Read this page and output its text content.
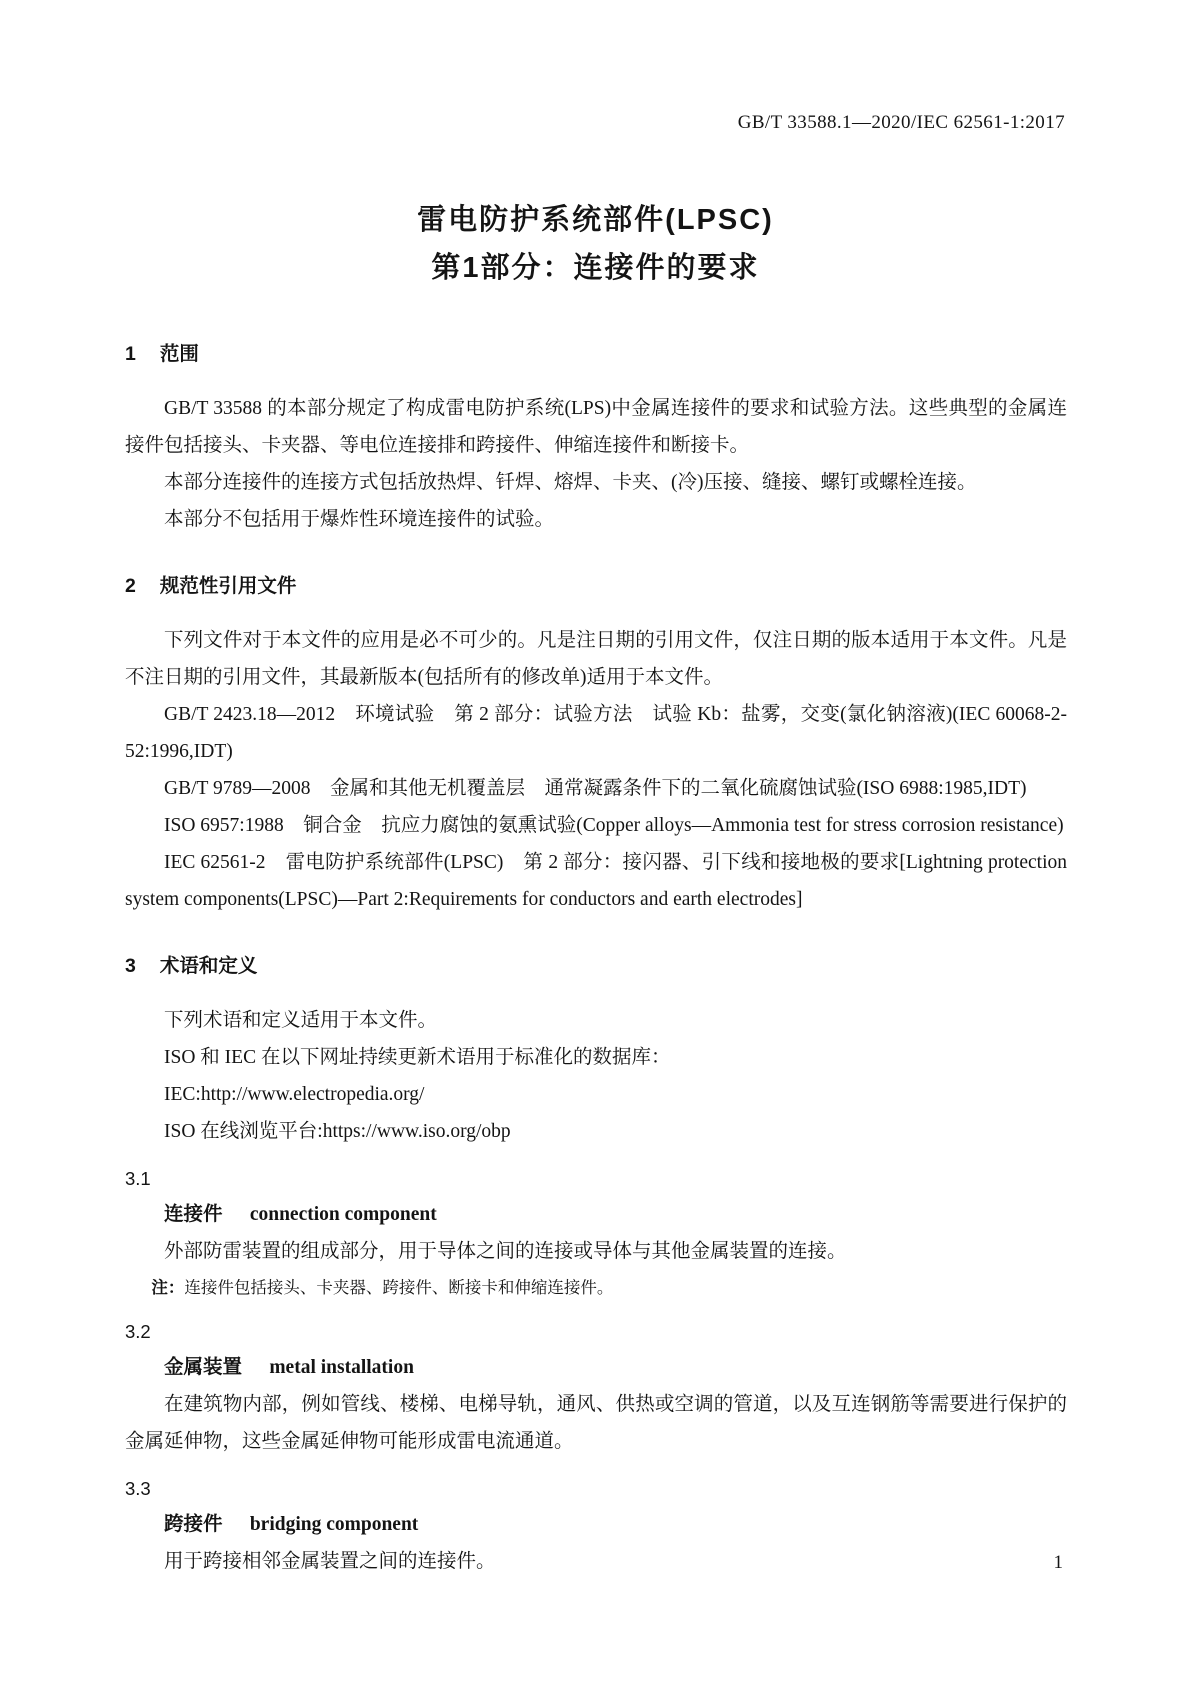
GB/T 33588.1—2020/IEC 62561-1:2017
雷电防护系统部件(LPSC)
第1部分：连接件的要求
1 范围

GB/T 33588 的本部分规定了构成雷电防护系统(LPS)中金属连接件的要求和试验方法。这些典型的金属连接件包括接头、卡夹器、等电位连接排和跨接件、伸缩连接件和断接卡。

本部分连接件的连接方式包括放热焊、钎焊、熔焊、卡夹、(冷)压接、缝接、螺钉或螺栓连接。

本部分不包括用于爆炸性环境连接件的试验。

2 规范性引用文件

下列文件对于本文件的应用是必不可少的。凡是注日期的引用文件，仅注日期的版本适用于本文件。凡是不注日期的引用文件，其最新版本(包括所有的修改单)适用于本文件。

GB/T 2423.18—2012　环境试验　第 2 部分：试验方法　试验 Kb：盐雾，交变(氯化钠溶液)(IEC 60068-2-52:1996,IDT)

GB/T 9789—2008　金属和其他无机覆盖层　通常凝露条件下的二氧化硫腐蚀试验(ISO 6988:1985,IDT)

ISO 6957:1988　铜合金　抗应力腐蚀的氨熏试验(Copper alloys—Ammonia test for stress corrosion resistance)

IEC 62561-2　雷电防护系统部件(LPSC)　第 2 部分：接闪器、引下线和接地极的要求[Lightning protection system components(LPSC)—Part 2:Requirements for conductors and earth electrodes]

3 术语和定义

下列术语和定义适用于本文件。

ISO 和 IEC 在以下网址持续更新术语用于标准化的数据库：

IEC:http://www.electropedia.org/

ISO 在线浏览平台:https://www.iso.org/obp

3.1
连接件 connection component

外部防雷装置的组成部分，用于导体之间的连接或导体与其他金属装置的连接。

注：连接件包括接头、卡夹器、跨接件、断接卡和伸缩连接件。

3.2
金属装置 metal installation

在建筑物内部，例如管线、楼梯、电梯导轨，通风、供热或空调的管道，以及互连钢筋等需要进行保护的金属延伸物，这些金属延伸物可能形成雷电流通道。

3.3
跨接件 bridging component

用于跨接相邻金属装置之间的连接件。	1
